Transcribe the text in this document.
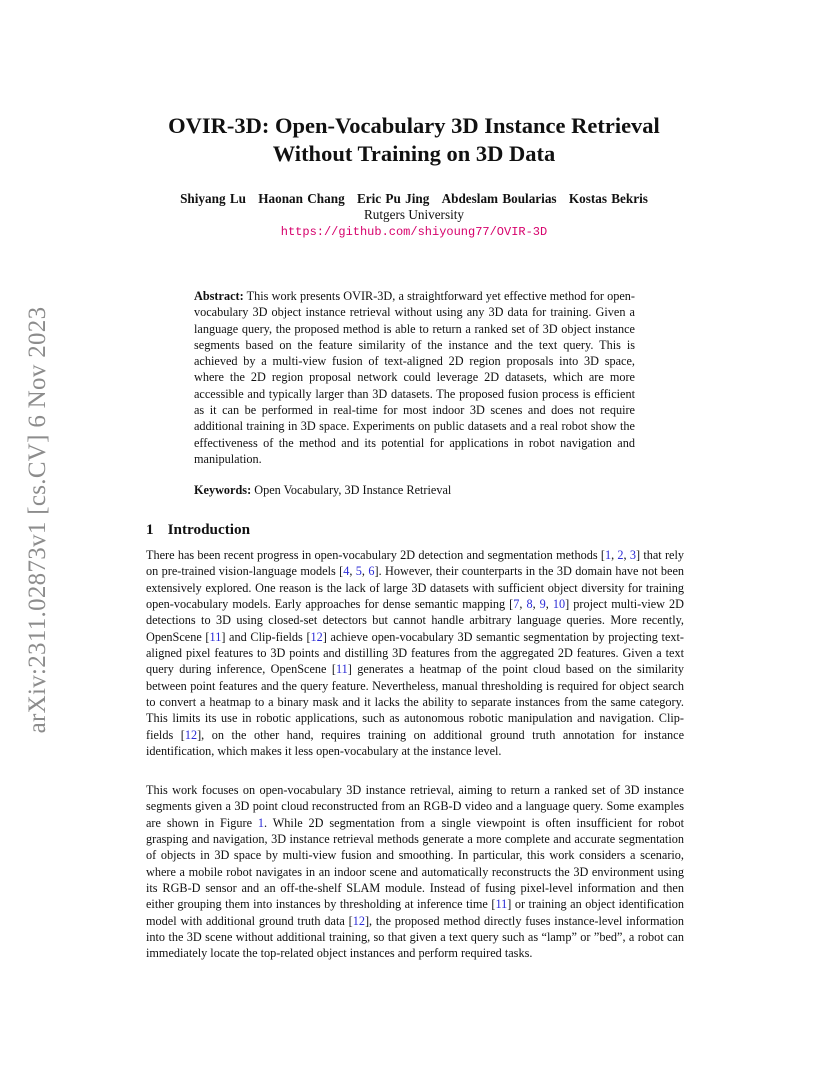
arXiv:2311.02873v1 [cs.CV] 6 Nov 2023
OVIR-3D: Open-Vocabulary 3D Instance Retrieval
Without Training on 3D Data
Shiyang Lu Haonan Chang Eric Pu Jing Abdeslam Boularias Kostas Bekris
Rutgers University
https://github.com/shiyoung77/OVIR-3D
Abstract: This work presents OVIR-3D, a straightforward yet effective method for open-vocabulary 3D object instance retrieval without using any 3D data for training. Given a language query, the proposed method is able to return a ranked set of 3D object instance segments based on the feature similarity of the instance and the text query. This is achieved by a multi-view fusion of text-aligned 2D region proposals into 3D space, where the 2D region proposal network could leverage 2D datasets, which are more accessible and typically larger than 3D datasets. The proposed fusion process is efficient as it can be performed in real-time for most indoor 3D scenes and does not require additional training in 3D space. Experiments on public datasets and a real robot show the effectiveness of the method and its potential for applications in robot navigation and manipulation.
Keywords: Open Vocabulary, 3D Instance Retrieval
1 Introduction
There has been recent progress in open-vocabulary 2D detection and segmentation methods [1, 2, 3] that rely on pre-trained vision-language models [4, 5, 6]. However, their counterparts in the 3D domain have not been extensively explored. One reason is the lack of large 3D datasets with sufficient object diversity for training open-vocabulary models. Early approaches for dense semantic mapping [7, 8, 9, 10] project multi-view 2D detections to 3D using closed-set detectors but cannot handle arbitrary language queries. More recently, OpenScene [11] and Clip-fields [12] achieve open-vocabulary 3D semantic segmentation by projecting text-aligned pixel features to 3D points and distilling 3D features from the aggregated 2D features. Given a text query during inference, OpenScene [11] generates a heatmap of the point cloud based on the similarity between point features and the query feature. Nevertheless, manual thresholding is required for object search to convert a heatmap to a binary mask and it lacks the ability to separate instances from the same category. This limits its use in robotic applications, such as autonomous robotic manipulation and navigation. Clip-fields [12], on the other hand, requires training on additional ground truth annotation for instance identification, which makes it less open-vocabulary at the instance level.
This work focuses on open-vocabulary 3D instance retrieval, aiming to return a ranked set of 3D instance segments given a 3D point cloud reconstructed from an RGB-D video and a language query. Some examples are shown in Figure 1. While 2D segmentation from a single viewpoint is often insufficient for robot grasping and navigation, 3D instance retrieval methods generate a more complete and accurate segmentation of objects in 3D space by multi-view fusion and smoothing. In particular, this work considers a scenario, where a mobile robot navigates in an indoor scene and automatically reconstructs the 3D environment using its RGB-D sensor and an off-the-shelf SLAM module. Instead of fusing pixel-level information and then either grouping them into instances by thresholding at inference time [11] or training an object identification model with additional ground truth data [12], the proposed method directly fuses instance-level information into the 3D scene without additional training, so that given a text query such as “lamp” or ”bed”, a robot can immediately locate the top-related object instances and perform required tasks.
